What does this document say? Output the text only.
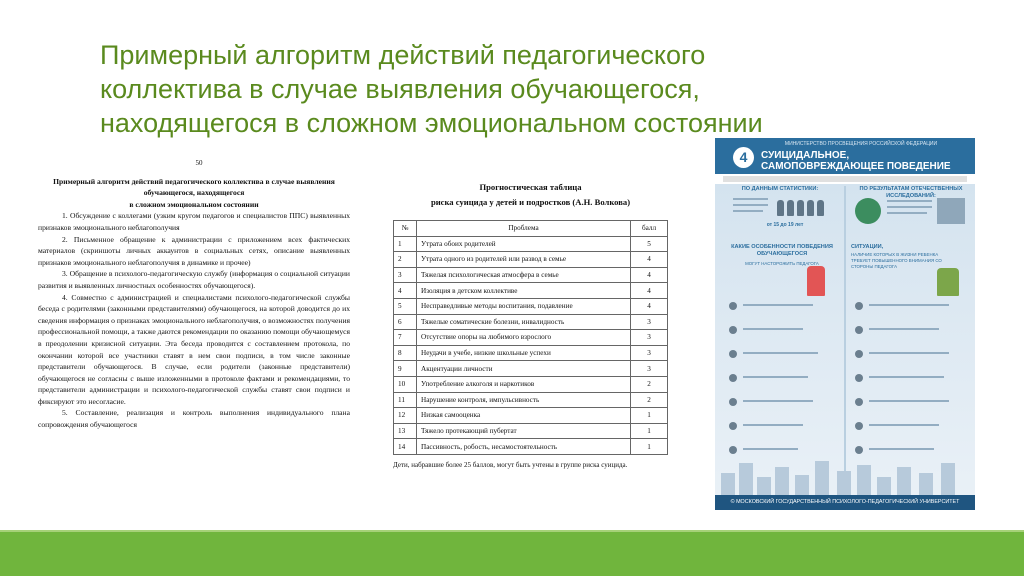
Примерный алгоритм действий педагогического
коллектива в случае выявления обучающегося,
находящегося в сложном эмоциональном состоянии
50
Примерный алгоритм действий педагогического коллектива в случае выявления обучающегося, находящегося
в сложном эмоциональном состоянии

1. Обсуждение с коллегами (узким кругом педагогов и специалистов ППС) выявленных признаков эмоционального неблагополучия

2. Письменное обращение к администрации с приложением всех фактических материалов (скриншоты личных аккаунтов в социальных сетях, описание выявленных признаков эмоционального неблагополучия в динамике и прочее)

3. Обращение в психолого-педагогическую службу (информация о социальной ситуации развития и выявленных личностных особенностях обучающегося).

4. Совместно с администрацией и специалистами психолого-педагогической службы беседа с родителями (законными представителями) обучающегося, на которой доводится до их сведения информация о признаках эмоционального неблагополучия, о возможностях получения профессиональной помощи, а также даются рекомендации по оказанию помощи обучающемуся в преодолении кризисной ситуации. Эта беседа проводится с составлением протокола, по окончании которой все участники ставят в нем свои подписи, в том числе законные представители обучающегося. В случае, если родители (законные представители) обучающегося не согласны с выше изложенными в протоколе фактами и рекомендациями, то представители администрации и психолого-педагогической службы ставят свои подписи и фиксируют это несогласие.

5. Составление, реализация и контроль выполнения индивидуального плана сопровождения обучающегося

Прогностическая таблица
риска суицида у детей и подростков (А.Н. Волкова)
№	Проблема	балл
1	Утрата обоих родителей	5
2	Утрата одного из родителей или развод в семье	4
3	Тяжелая психологическая атмосфера в семье	4
4	Изоляция в детском коллективе	4
5	Несправедливые методы воспитания, подавление	4
6	Тяжелые соматические болезни, инвалидность	3
7	Отсутствие опоры на любимого взрослого	3
8	Неудачи в учебе, низкие школьные успехи	3
9	Акцентуации личности	3
10	Употребление алкоголя и наркотиков	2
11	Нарушение контроля, импульсивность	2
12	Низкая самооценка	1
13	Тяжело протекающий пубертат	1
14	Пассивность, робость, несамостоятельность	1
Дети, набравшие более 25 баллов, могут быть учтены в группе риска суицида.
МИНИСТЕРСТВО ПРОСВЕЩЕНИЯ РОССИЙСКОЙ ФЕДЕРАЦИИ
4	СУИЦИДАЛЬНОЕ, САМОПОВРЕЖДАЮЩЕЕ ПОВЕДЕНИЕ
ПО ДАННЫМ СТАТИСТИКИ:	ПО РЕЗУЛЬТАТАМ ОТЕЧЕСТВЕННЫХ ИССЛЕДОВАНИЙ:
от 15 до 19 лет
КАКИЕ ОСОБЕННОСТИ ПОВЕДЕНИЯ ОБУЧАЮЩЕГОСЯ
МОГУТ НАСТОРОЖИТЬ ПЕДАГОГА
СИТУАЦИИ,
НАЛИЧИЕ КОТОРЫХ В ЖИЗНИ РЕБЕНКА ТРЕБУЕТ ПОВЫШЕННОГО ВНИМАНИЯ СО СТОРОНЫ ПЕДАГОГА
© МОСКОВСКИЙ ГОСУДАРСТВЕННЫЙ ПСИХОЛОГО-ПЕДАГОГИЧЕСКИЙ УНИВЕРСИТЕТ
